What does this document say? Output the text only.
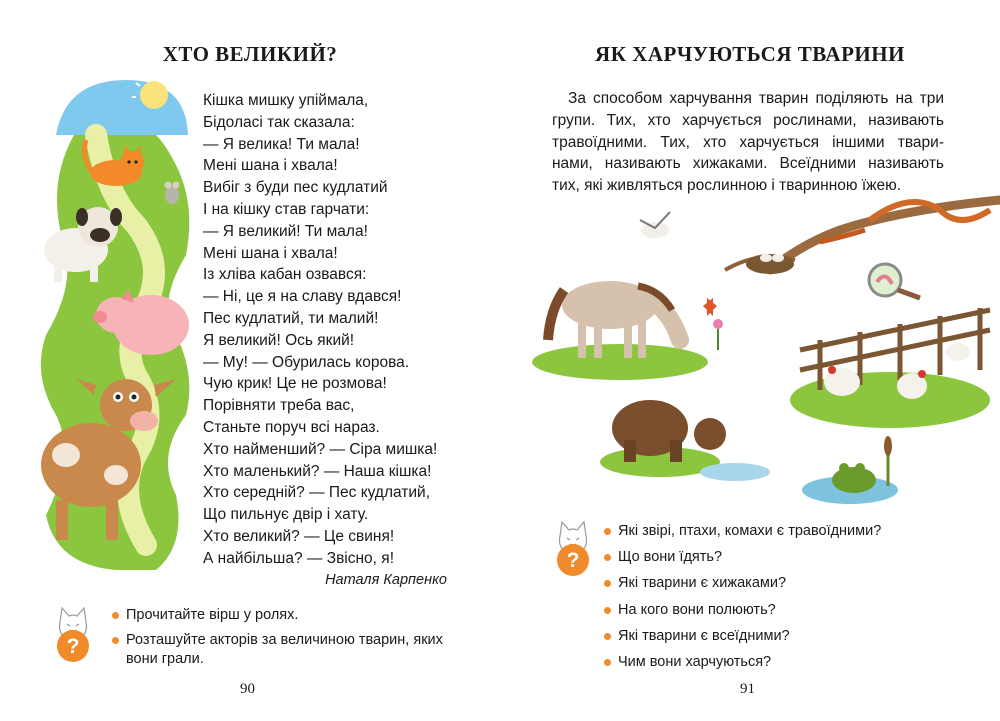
ХТО ВЕЛИКИЙ?
Кішка мишку упіймала,
Бідоласі так сказала:
— Я велика! Ти мала!
Мені шана і хвала!
Вибіг з буди пес кудлатий
І на кішку став гарчати:
— Я великий! Ти мала!
Мені шана і хвала!
Із хліва кабан озвався:
— Ні, це я на славу вдався!
Пес кудлатий, ти малий!
Я великий! Ось який!
— Му! — Обурилась корова.
Чую крик! Це не розмова!
Порівняти треба вас,
Станьте поруч всі нараз.
Хто найменший? — Сіра мишка!
Хто маленький? — Наша кішка!
Хто середній? — Пес кудлатий,
Що пильнує двір і хату.
Хто великий? — Це свиня!
А найбільша? — Звісно, я!
Наталя Карпенко
?
Прочитайте вірш у ролях.
Розташуйте акторів за величиною тварин, яких вони грали.
90
ЯК ХАРЧУЮТЬСЯ ТВАРИНИ
За способом харчування тварин поділяють на три
групи. Тих, хто харчується рослинами, називають
травоїдними. Тих, хто харчується іншими твари-
нами, називають хижаками. Всеїдними називають
тих, які живляться рослинною і тваринною їжею.
?
Які звірі, птахи, комахи є травоїдними?
Що вони їдять?
Які тварини є хижаками?
На кого вони полюють?
Які тварини є всеїдними?
Чим вони харчуються?
91
